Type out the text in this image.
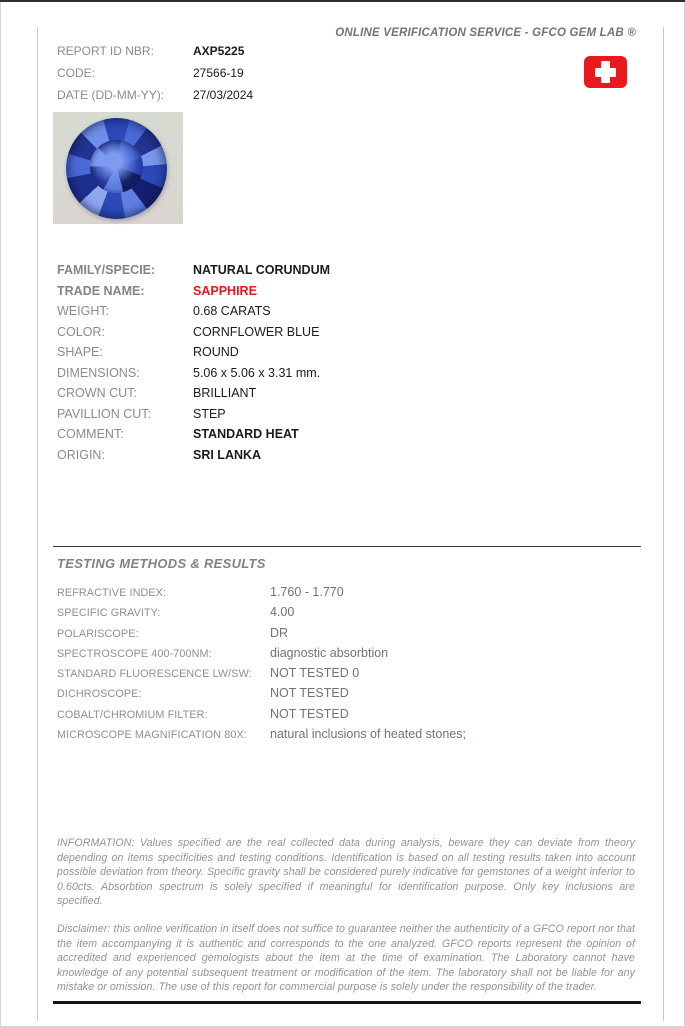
ONLINE VERIFICATION SERVICE - GFCO GEM LAB ®
REPORT ID NBR:	AXP5225
CODE:	27566-19
DATE (DD-MM-YY): 27/03/2024
FAMILY/SPECIE:	NATURAL CORUNDUM
TRADE NAME:	SAPPHIRE
WEIGHT:	0.68 CARATS
COLOR:	CORNFLOWER BLUE
SHAPE:	ROUND
DIMENSIONS:	5.06 x 5.06 x 3.31 mm.
CROWN CUT:	BRILLIANT
PAVILLION CUT:	STEP
COMMENT:	STANDARD HEAT
ORIGIN:	SRI LANKA
TESTING METHODS & RESULTS
REFRACTIVE INDEX:	1.760 - 1.770
SPECIFIC GRAVITY:	4.00
POLARISCOPE:	DR
SPECTROSCOPE 400-700NM:	diagnostic absorbtion
STANDARD FLUORESCENCE LW/SW: NOT TESTED 0
DICHROSCOPE:	NOT TESTED
COBALT/CHROMIUM FILTER:	NOT TESTED
MICROSCOPE MAGNIFICATION 80X: natural inclusions of heated stones;
INFORMATION: Values specified are the real collected data during analysis, beware they can deviate from theory depending on items specificities and testing conditions. Identification is based on all testing results taken into account possible deviation from theory. Specific gravity shall be considered purely indicative for gemstones of a weight inferior to 0.60cts. Absorbtion spectrum is solely specified if meaningful for identification purpose. Only key inclusions are specified.
Disclaimer: this online verification in itself does not suffice to guarantee neither the authenticity of a GFCO report nor that the item accompanying it is authentic and corresponds to the one analyzed. GFCO reports represent the opinion of accredited and experienced gemologists about the item at the time of examination. The Laboratory cannot have knowledge of any potential subsequent treatment or modification of the item. The laboratory shall not be liable for any mistake or omission. The use of this report for commercial purpose is solely under the responsibility of the trader.
